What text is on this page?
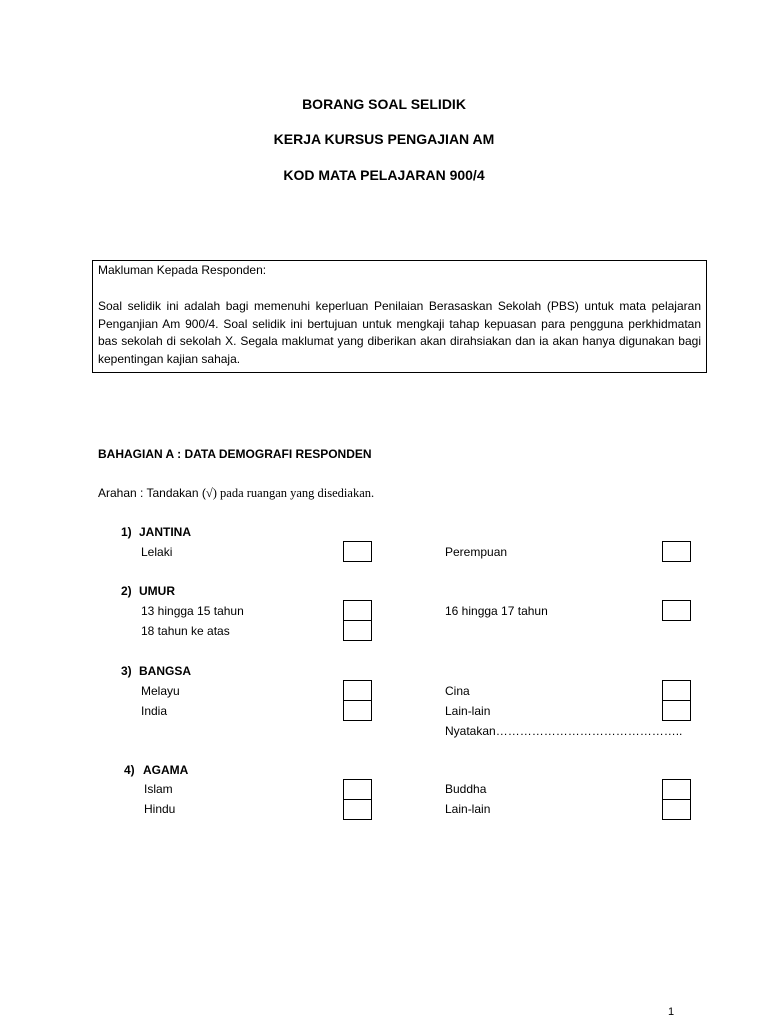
BORANG SOAL SELIDIK
KERJA KURSUS PENGAJIAN AM
KOD MATA PELAJARAN 900/4
Makluman Kepada Responden:
Soal selidik ini adalah bagi memenuhi keperluan Penilaian Berasaskan Sekolah (PBS) untuk mata pelajaran Penganjian Am 900/4. Soal selidik ini bertujuan untuk mengkaji tahap kepuasan para pengguna perkhidmatan bas sekolah di sekolah X. Segala maklumat yang diberikan akan dirahsiakan dan ia akan hanya digunakan bagi kepentingan kajian sahaja.
BAHAGIAN A : DATA DEMOGRAFI RESPONDEN
Arahan : Tandakan (√) pada ruangan yang disediakan.
1) JANTINA
Lelaki	Perempuan
2) UMUR
13 hingga 15 tahun	16 hingga 17 tahun
18 tahun ke atas
3) BANGSA
Melayu	Cina
India	Lain-lain
Nyatakan………………………………………..
4) AGAMA
Islam	Buddha
Hindu	Lain-lain
1
